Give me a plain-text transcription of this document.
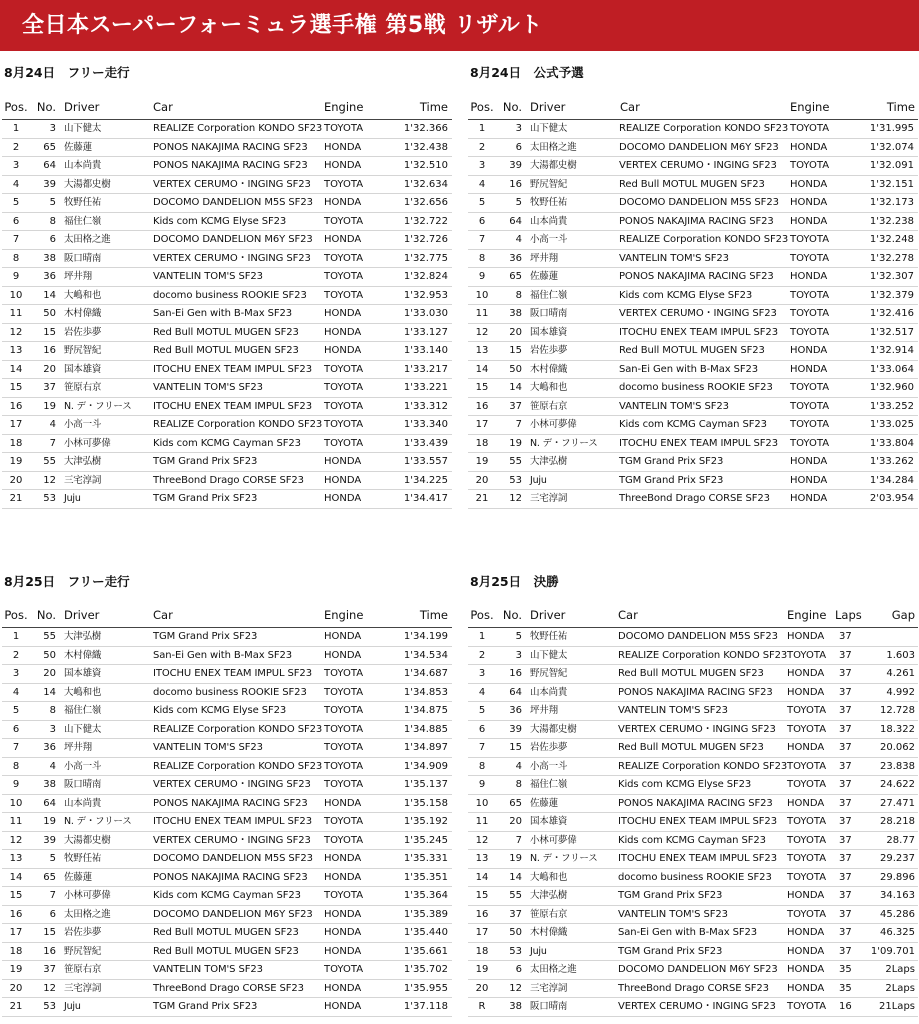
全日本スーパーフォーミュラ選手権 第5戦 リザルト
8月24日　フリー走行
Pos. No. Driver	Car	Engine	Time
1	3 山下健太	REALIZE Corporation KONDO SF23 TOYOTA	1'32.366
2	65 佐藤蓮	PONOS NAKAJIMA RACING SF23 HONDA	1'32.438
3	64 山本尚貴	PONOS NAKAJIMA RACING SF23 HONDA	1'32.510
4	39 大湯都史樹	VERTEX CERUMO・INGING SF23 TOYOTA	1'32.634
5	5 牧野任祐	DOCOMO DANDELION M5S SF23 HONDA	1'32.656
6	8 福住仁嶺	Kids com KCMG Elyse SF23	TOYOTA	1'32.722
7	6 太田格之進	DOCOMO DANDELION M6Y SF23 HONDA	1'32.726
8	38 阪口晴南	VERTEX CERUMO・INGING SF23 TOYOTA	1'32.775
9	36 坪井翔	VANTELIN TOM'S SF23	TOYOTA	1'32.824
10	14 大嶋和也	docomo business ROOKIE SF23 TOYOTA	1'32.953
11	50 木村偉織	San-Ei Gen with B-Max SF23	HONDA	1'33.030
12	15 岩佐歩夢	Red Bull MOTUL MUGEN SF23	HONDA	1'33.127
13	16 野尻智紀	Red Bull MOTUL MUGEN SF23	HONDA	1'33.140
14	20 国本雄資	ITOCHU ENEX TEAM IMPUL SF23 TOYOTA	1'33.217
15	37 笹原右京	VANTELIN TOM'S SF23	TOYOTA	1'33.221
16	19 N. デ・フリース ITOCHU ENEX TEAM IMPUL SF23 TOYOTA	1'33.312
17	4 小高一斗	REALIZE Corporation KONDO SF23 TOYOTA	1'33.340
18	7 小林可夢偉	Kids com KCMG Cayman SF23 TOYOTA	1'33.439
19	55 大津弘樹	TGM Grand Prix SF23	HONDA	1'33.557
20	12 三宅淳詞	ThreeBond Drago CORSE SF23 HONDA	1'34.225
21	53 Juju	TGM Grand Prix SF23	HONDA	1'34.417
8月24日　公式予選
Pos. No. Driver	Car	Engine	Time
1	3 山下健太	REALIZE Corporation KONDO SF23 TOYOTA	1'31.995
2	6 太田格之進	DOCOMO DANDELION M6Y SF23 HONDA	1'32.074
3	39 大湯都史樹	VERTEX CERUMO・INGING SF23 TOYOTA	1'32.091
4	16 野尻智紀	Red Bull MOTUL MUGEN SF23	HONDA	1'32.151
5	5 牧野任祐	DOCOMO DANDELION M5S SF23 HONDA	1'32.173
6	64 山本尚貴	PONOS NAKAJIMA RACING SF23 HONDA	1'32.238
7	4 小高一斗	REALIZE Corporation KONDO SF23 TOYOTA	1'32.248
8	36 坪井翔	VANTELIN TOM'S SF23	TOYOTA	1'32.278
9	65 佐藤蓮	PONOS NAKAJIMA RACING SF23 HONDA	1'32.307
10	8 福住仁嶺	Kids com KCMG Elyse SF23	TOYOTA	1'32.379
11	38 阪口晴南	VERTEX CERUMO・INGING SF23 TOYOTA	1'32.416
12	20 国本雄資	ITOCHU ENEX TEAM IMPUL SF23 TOYOTA	1'32.517
13	15 岩佐歩夢	Red Bull MOTUL MUGEN SF23	HONDA	1'32.914
14	50 木村偉織	San-Ei Gen with B-Max SF23	HONDA	1'33.064
15	14 大嶋和也	docomo business ROOKIE SF23 TOYOTA	1'32.960
16	37 笹原右京	VANTELIN TOM'S SF23	TOYOTA	1'33.252
17	7 小林可夢偉	Kids com KCMG Cayman SF23 TOYOTA	1'33.025
18	19 N. デ・フリース ITOCHU ENEX TEAM IMPUL SF23 TOYOTA	1'33.804
19	55 大津弘樹	TGM Grand Prix SF23	HONDA	1'33.262
20	53 Juju	TGM Grand Prix SF23	HONDA	1'34.284
21	12 三宅淳詞	ThreeBond Drago CORSE SF23 HONDA	2'03.954
8月25日　フリー走行
Pos. No. Driver	Car	Engine	Time
1	55 大津弘樹	TGM Grand Prix SF23	HONDA	1'34.199
2	50 木村偉織	San-Ei Gen with B-Max SF23	HONDA	1'34.534
3	20 国本雄資	ITOCHU ENEX TEAM IMPUL SF23 TOYOTA	1'34.687
4	14 大嶋和也	docomo business ROOKIE SF23 TOYOTA	1'34.853
5	8 福住仁嶺	Kids com KCMG Elyse SF23	TOYOTA	1'34.875
6	3 山下健太	REALIZE Corporation KONDO SF23 TOYOTA	1'34.885
7	36 坪井翔	VANTELIN TOM'S SF23	TOYOTA	1'34.897
8	4 小高一斗	REALIZE Corporation KONDO SF23 TOYOTA	1'34.909
9	38 阪口晴南	VERTEX CERUMO・INGING SF23 TOYOTA	1'35.137
10	64 山本尚貴	PONOS NAKAJIMA RACING SF23 HONDA	1'35.158
11	19 N. デ・フリース ITOCHU ENEX TEAM IMPUL SF23 TOYOTA	1'35.192
12	39 大湯都史樹	VERTEX CERUMO・INGING SF23 TOYOTA	1'35.245
13	5 牧野任祐	DOCOMO DANDELION M5S SF23 HONDA	1'35.331
14	65 佐藤蓮	PONOS NAKAJIMA RACING SF23 HONDA	1'35.351
15	7 小林可夢偉	Kids com KCMG Cayman SF23 TOYOTA	1'35.364
16	6 太田格之進	DOCOMO DANDELION M6Y SF23 HONDA	1'35.389
17	15 岩佐歩夢	Red Bull MOTUL MUGEN SF23	HONDA	1'35.440
18	16 野尻智紀	Red Bull MOTUL MUGEN SF23	HONDA	1'35.661
19	37 笹原右京	VANTELIN TOM'S SF23	TOYOTA	1'35.702
20	12 三宅淳詞	ThreeBond Drago CORSE SF23 HONDA	1'35.955
21	53 Juju	TGM Grand Prix SF23	HONDA	1'37.118
8月25日　決勝
Pos. No. Driver	Car	Engine Laps	Gap
1	5 牧野任祐	DOCOMO DANDELION M5S SF23 HONDA 37
2	3 山下健太	REALIZE Corporation KONDO SF23 TOYOTA 37	1.603
3	16 野尻智紀	Red Bull MOTUL MUGEN SF23 HONDA 37	4.261
4	64 山本尚貴	PONOS NAKAJIMA RACING SF23 HONDA 37	4.992
5	36 坪井翔	VANTELIN TOM'S SF23	TOYOTA 37	12.728
6	39 大湯都史樹	VERTEX CERUMO・INGING SF23 TOYOTA 37	18.322
7	15 岩佐歩夢	Red Bull MOTUL MUGEN SF23 HONDA 37	20.062
8	4 小高一斗	REALIZE Corporation KONDO SF23 TOYOTA 37	23.838
9	8 福住仁嶺	Kids com KCMG Elyse SF23	TOYOTA 37	24.622
10	65 佐藤蓮	PONOS NAKAJIMA RACING SF23 HONDA 37	27.471
11	20 国本雄資	ITOCHU ENEX TEAM IMPUL SF23 TOYOTA 37	28.218
12	7 小林可夢偉	Kids com KCMG Cayman SF23 TOYOTA 37	28.77
13	19 N. デ・フリース ITOCHU ENEX TEAM IMPUL SF23 TOYOTA 37	29.237
14	14 大嶋和也	docomo business ROOKIE SF23 TOYOTA 37	29.896
15	55 大津弘樹	TGM Grand Prix SF23	HONDA 37	34.163
16	37 笹原右京	VANTELIN TOM'S SF23	TOYOTA 37	45.286
17	50 木村偉織	San-Ei Gen with B-Max SF23	HONDA 37	46.325
18	53 Juju	TGM Grand Prix SF23	HONDA 37	1'09.701
19	6 太田格之進	DOCOMO DANDELION M6Y SF23 HONDA 35	2Laps
20	12 三宅淳詞	ThreeBond Drago CORSE SF23 HONDA 35	2Laps
R	38 阪口晴南	VERTEX CERUMO・INGING SF23 TOYOTA 16	21Laps
